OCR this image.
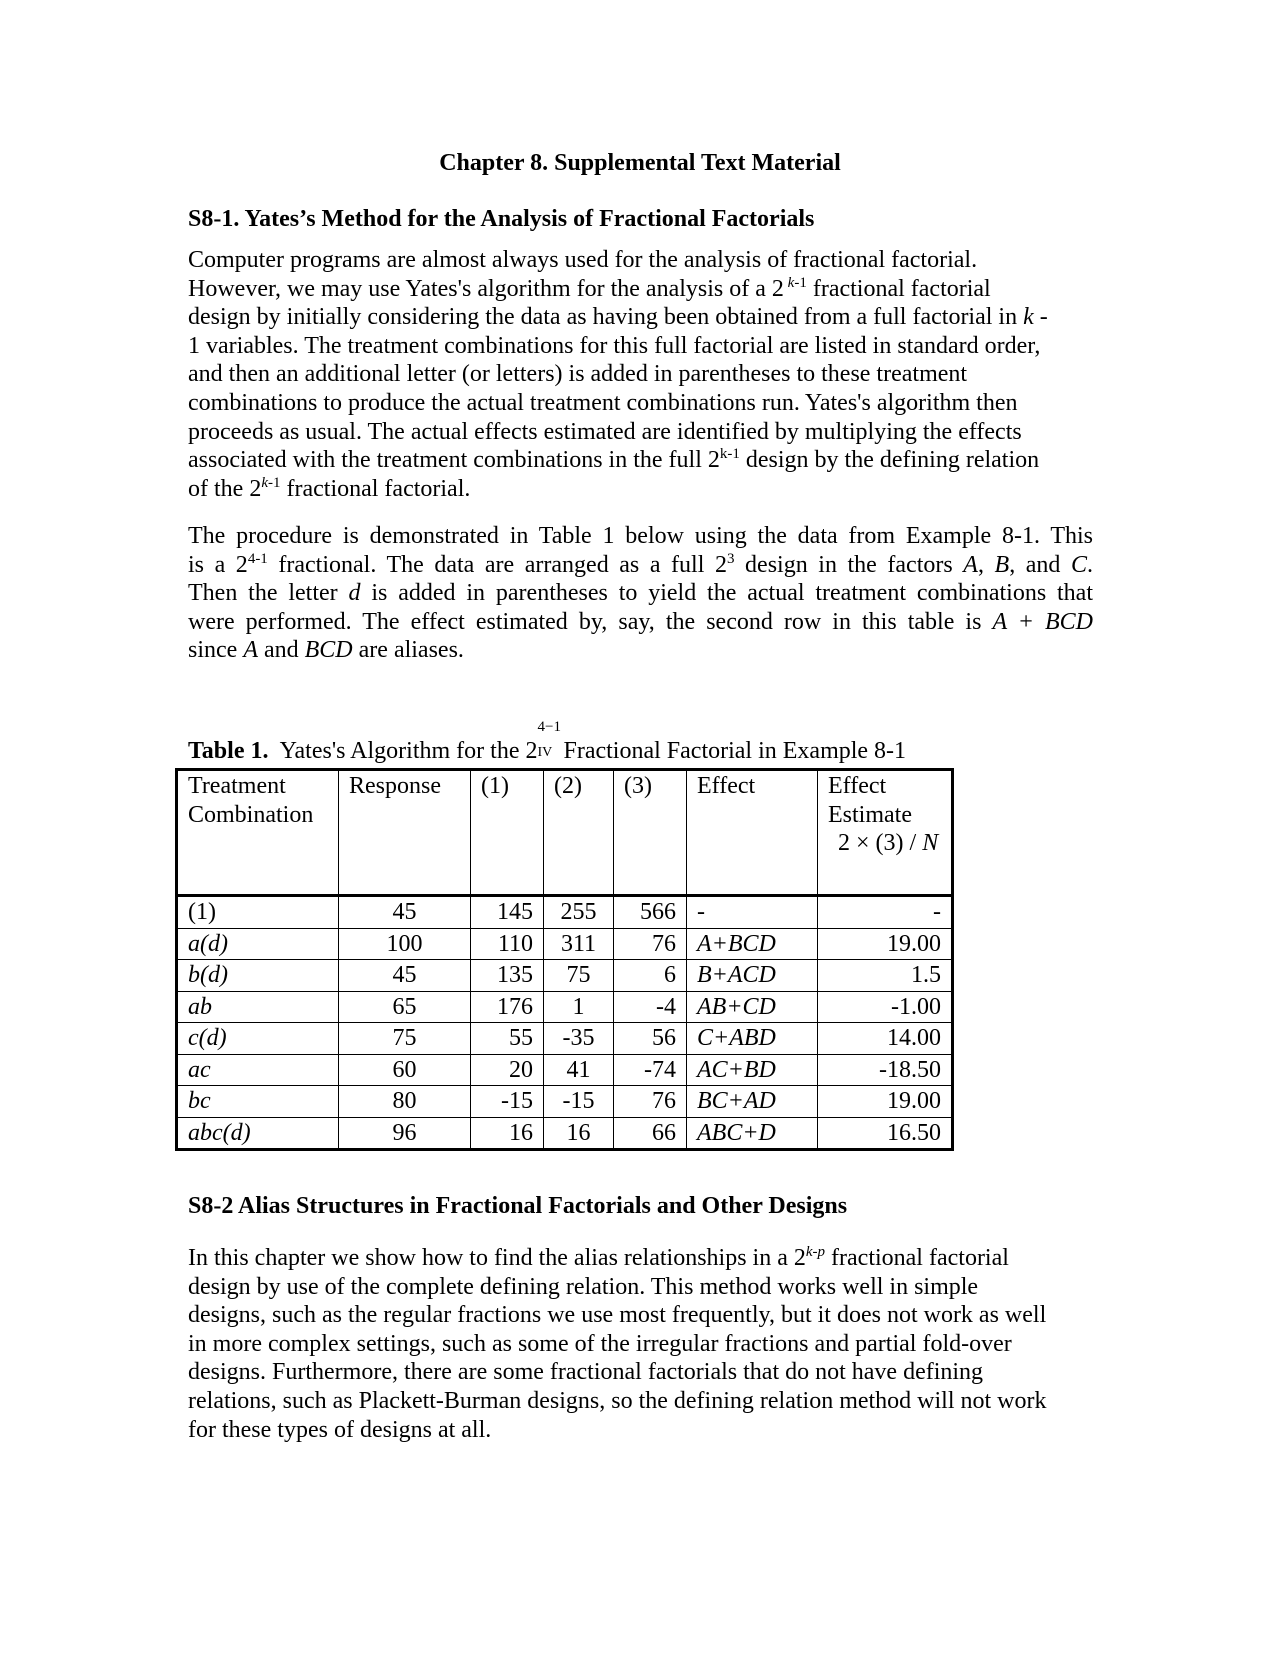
Chapter 8. Supplemental Text Material
S8-1. Yates’s Method for the Analysis of Fractional Factorials
Computer programs are almost always used for the analysis of fractional factorial.
However, we may use Yates's algorithm for the analysis of a 2 $^{k-1}$ fractional factorial
design by initially considering the data as having been obtained from a full factorial in k -
1 variables. The treatment combinations for this full factorial are listed in standard order,
and then an additional letter (or letters) is added in parentheses to these treatment
combinations to produce the actual treatment combinations run. Yates's algorithm then
proceeds as usual. The actual effects estimated are identified by multiplying the effects
associated with the treatment combinations in the full 2$^{k-1}$ design by the defining relation
of the 2$^{k-1}$ fractional factorial.
The procedure is demonstrated in Table 1 below using the data from Example 8-1. This
is a 2$^{4-1}$ fractional. The data are arranged as a full $2^3$ design in the factors A, B, and C.
Then the letter d is added in parentheses to yield the actual treatment combinations that
were performed. The effect estimated by, say, the second row in this table is A + BCD
since A and BCD are aliases.

Table 1.  Yates's Algorithm for the 2
4−1
IV Fractional Factorial in Example 8-1

Treatment
Combination	Response	(1)	(2)	(3)	Effect	Effect
Estimate
2 × (3) / N

(1)	45	145	255	566	-	-
a(d)	100	110	311	76	A+BCD	19.00
b(d)	45	135	75	6	B+ACD	1.5
ab	65	176	1	-4	AB+CD	-1.00
c(d)	75	55	-35	56	C+ABD	14.00
ac	60	20	41	-74	AC+BD	-18.50
bc	80	-15	-15	76	BC+AD	19.00
abc(d)	96	16	16	66	ABC+D	16.50
S8-2 Alias Structures in Fractional Factorials and Other Designs
In this chapter we show how to find the alias relationships in a 2$^{k-p}$ fractional factorial
design by use of the complete defining relation. This method works well in simple
designs, such as the regular fractions we use most frequently, but it does not work as well
in more complex settings, such as some of the irregular fractions and partial fold-over
designs. Furthermore, there are some fractional factorials that do not have defining
relations, such as Plackett-Burman designs, so the defining relation method will not work
for these types of designs at all.
